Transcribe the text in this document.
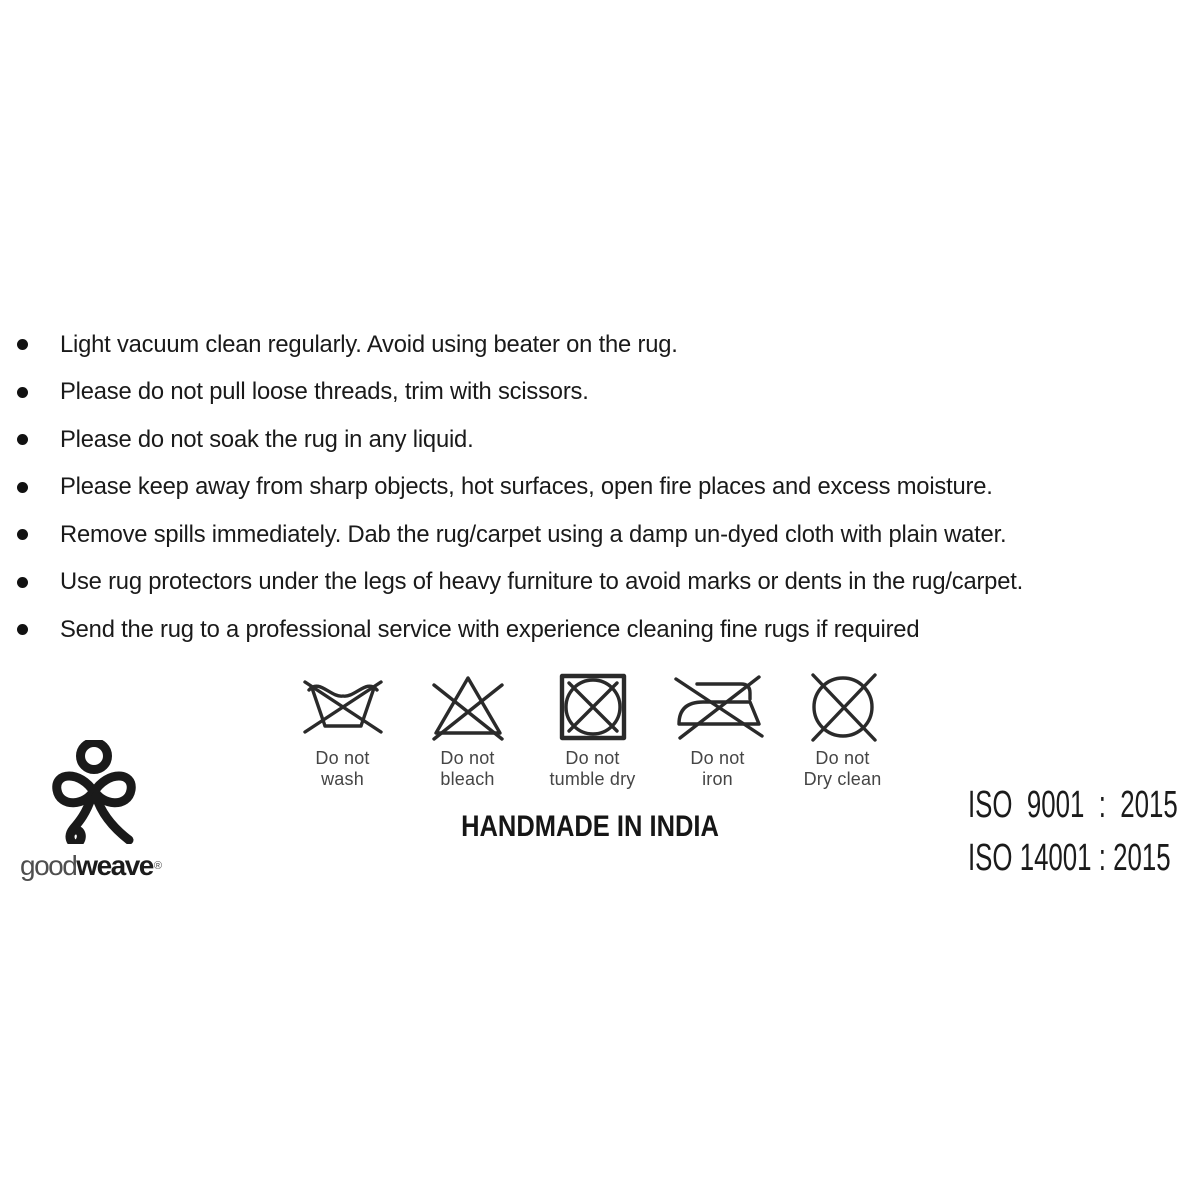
Light vacuum clean regularly. Avoid using beater on the rug.
Please do not pull loose threads, trim with scissors.
Please do not soak the rug in any liquid.
Please keep away from sharp objects, hot surfaces, open fire places and excess moisture.
Remove spills immediately. Dab the rug/carpet using a damp un-dyed cloth with plain water.
Use rug protectors under the legs of heavy furniture to avoid marks or dents in the rug/carpet.
Send the rug to a professional service with experience cleaning fine rugs if required
Do not
wash
Do not
bleach
Do not
tumble dry
Do not
iron
Do not
Dry clean
goodweave®
HANDMADE IN INDIA
ISO  9001  :  2015
ISO 14001 : 2015
